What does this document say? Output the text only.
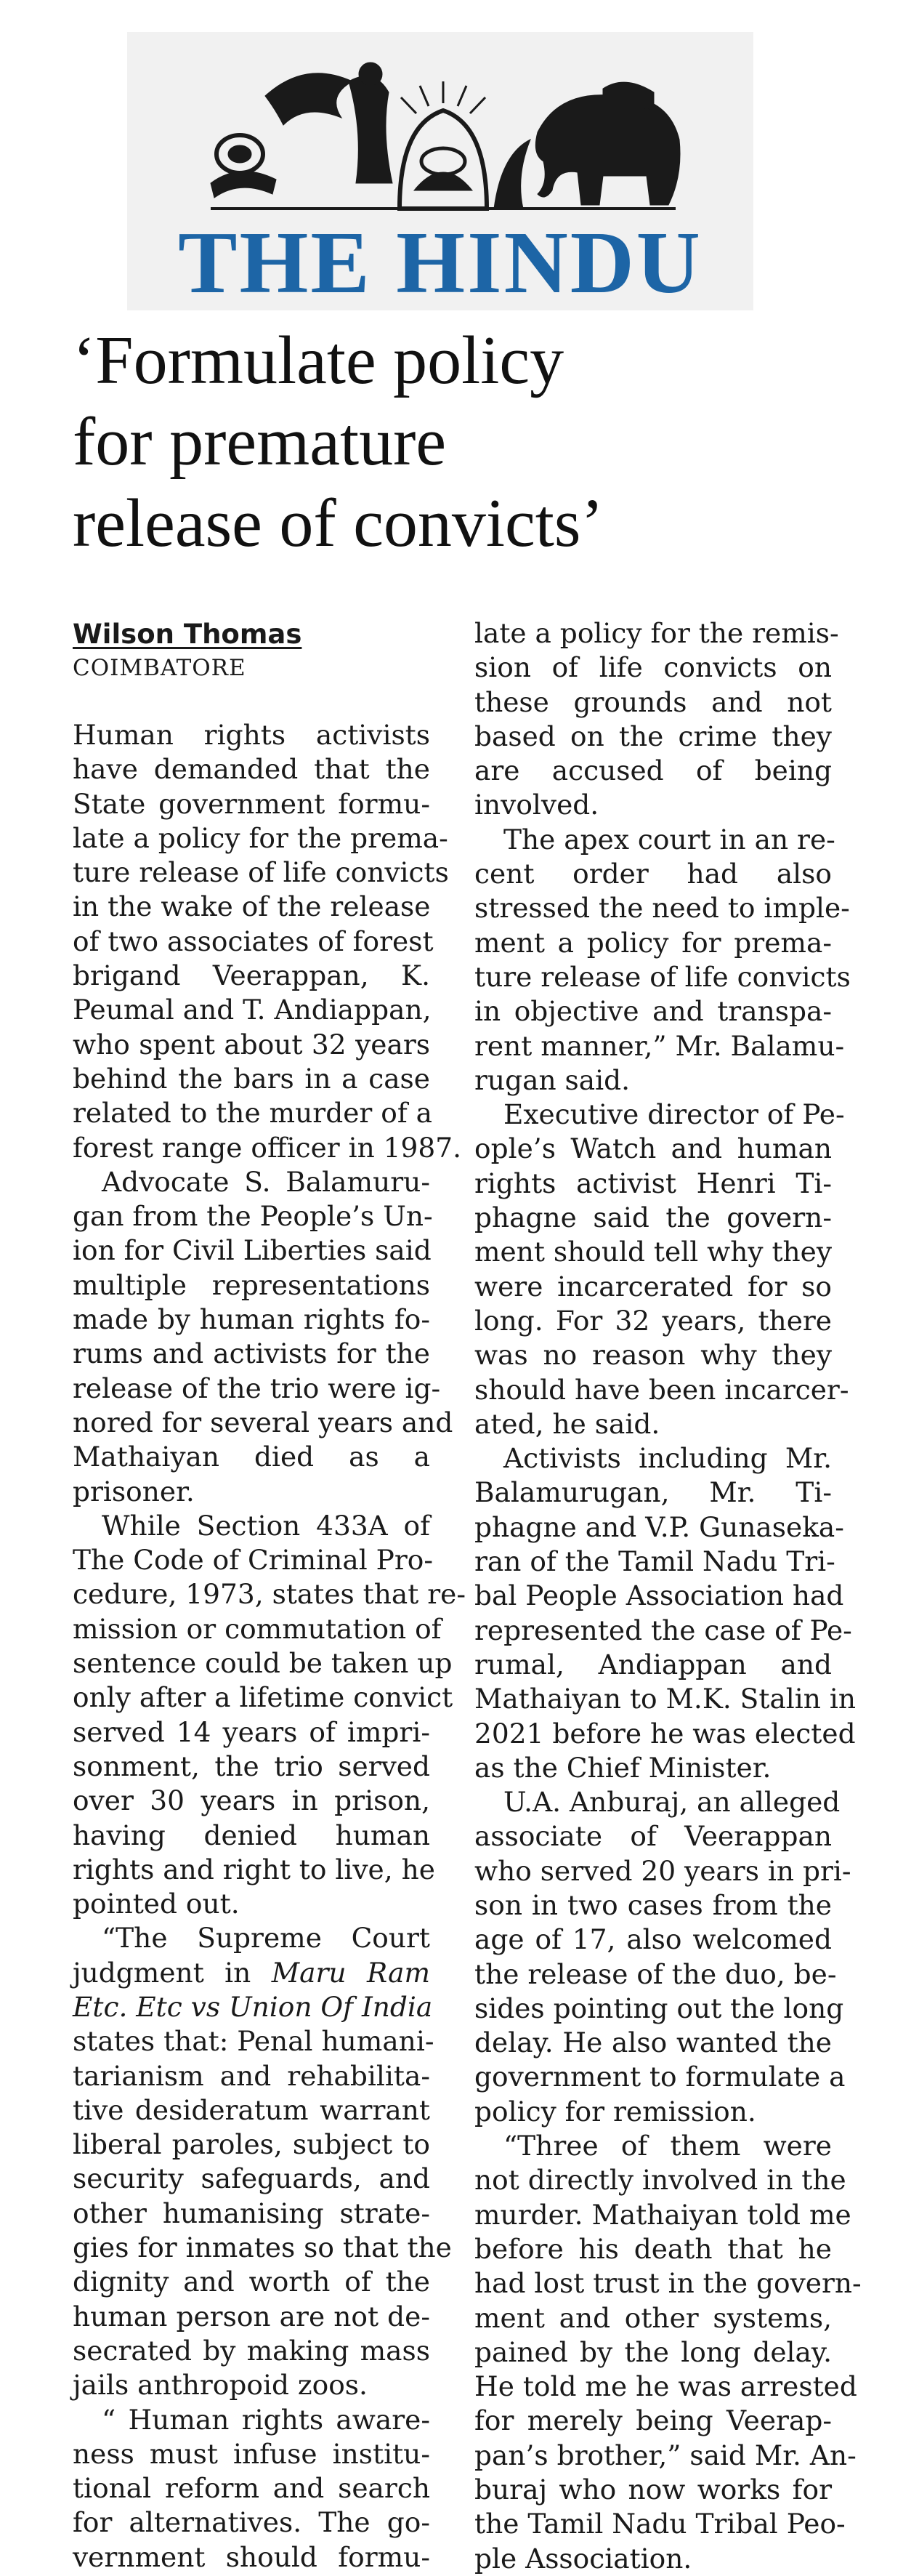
THE HINDU
‘Formulate policy
for premature
release of convicts’
Wilson Thomas
COIMBATORE
Human rights activists
have demanded that the
State government formu-
late a policy for the prema-
ture release of life convicts
in the wake of the release
of two associates of forest
brigand Veerappan, K.
Peumal and T. Andiappan,
who spent about 32 years
behind the bars in a case
related to the murder of a
forest range officer in 1987.
Advocate S. Balamuru-
gan from the People’s Un-
ion for Civil Liberties said
multiple representations
made by human rights fo-
rums and activists for the
release of the trio were ig-
nored for several years and
Mathaiyan died as a
prisoner.
While Section 433A of
The Code of Criminal Pro-
cedure, 1973, states that re-
mission or commutation of
sentence could be taken up
only after a lifetime convict
served 14 years of impri-
sonment, the trio served
over 30 years in prison,
having denied human
rights and right to live, he
pointed out.
“The Supreme Court
judgment in Maru Ram
Etc. Etc vs Union Of India
states that: Penal humani-
tarianism and rehabilita-
tive desideratum warrant
liberal paroles, subject to
security safeguards, and
other humanising strate-
gies for inmates so that the
dignity and worth of the
human person are not de-
secrated by making mass
jails anthropoid zoos.
“ Human rights aware-
ness must infuse institu-
tional reform and search
for alternatives. The go-
vernment should formu-
late a policy for the remis-
sion of life convicts on
these grounds and not
based on the crime they
are accused of being
involved.
The apex court in an re-
cent order had also
stressed the need to imple-
ment a policy for prema-
ture release of life convicts
in objective and transpa-
rent manner,” Mr. Balamu-
rugan said.
Executive director of Pe-
ople’s Watch and human
rights activist Henri Ti-
phagne said the govern-
ment should tell why they
were incarcerated for so
long. For 32 years, there
was no reason why they
should have been incarcer-
ated, he said.
Activists including Mr.
Balamurugan, Mr. Ti-
phagne and V.P. Gunaseka-
ran of the Tamil Nadu Tri-
bal People Association had
represented the case of Pe-
rumal, Andiappan and
Mathaiyan to M.K. Stalin in
2021 before he was elected
as the Chief Minister.
U.A. Anburaj, an alleged
associate of Veerappan
who served 20 years in pri-
son in two cases from the
age of 17, also welcomed
the release of the duo, be-
sides pointing out the long
delay. He also wanted the
government to formulate a
policy for remission.
“Three of them were
not directly involved in the
murder. Mathaiyan told me
before his death that he
had lost trust in the govern-
ment and other systems,
pained by the long delay.
He told me he was arrested
for merely being Veerap-
pan’s brother,” said Mr. An-
buraj who now works for
the Tamil Nadu Tribal Peo-
ple Association.
